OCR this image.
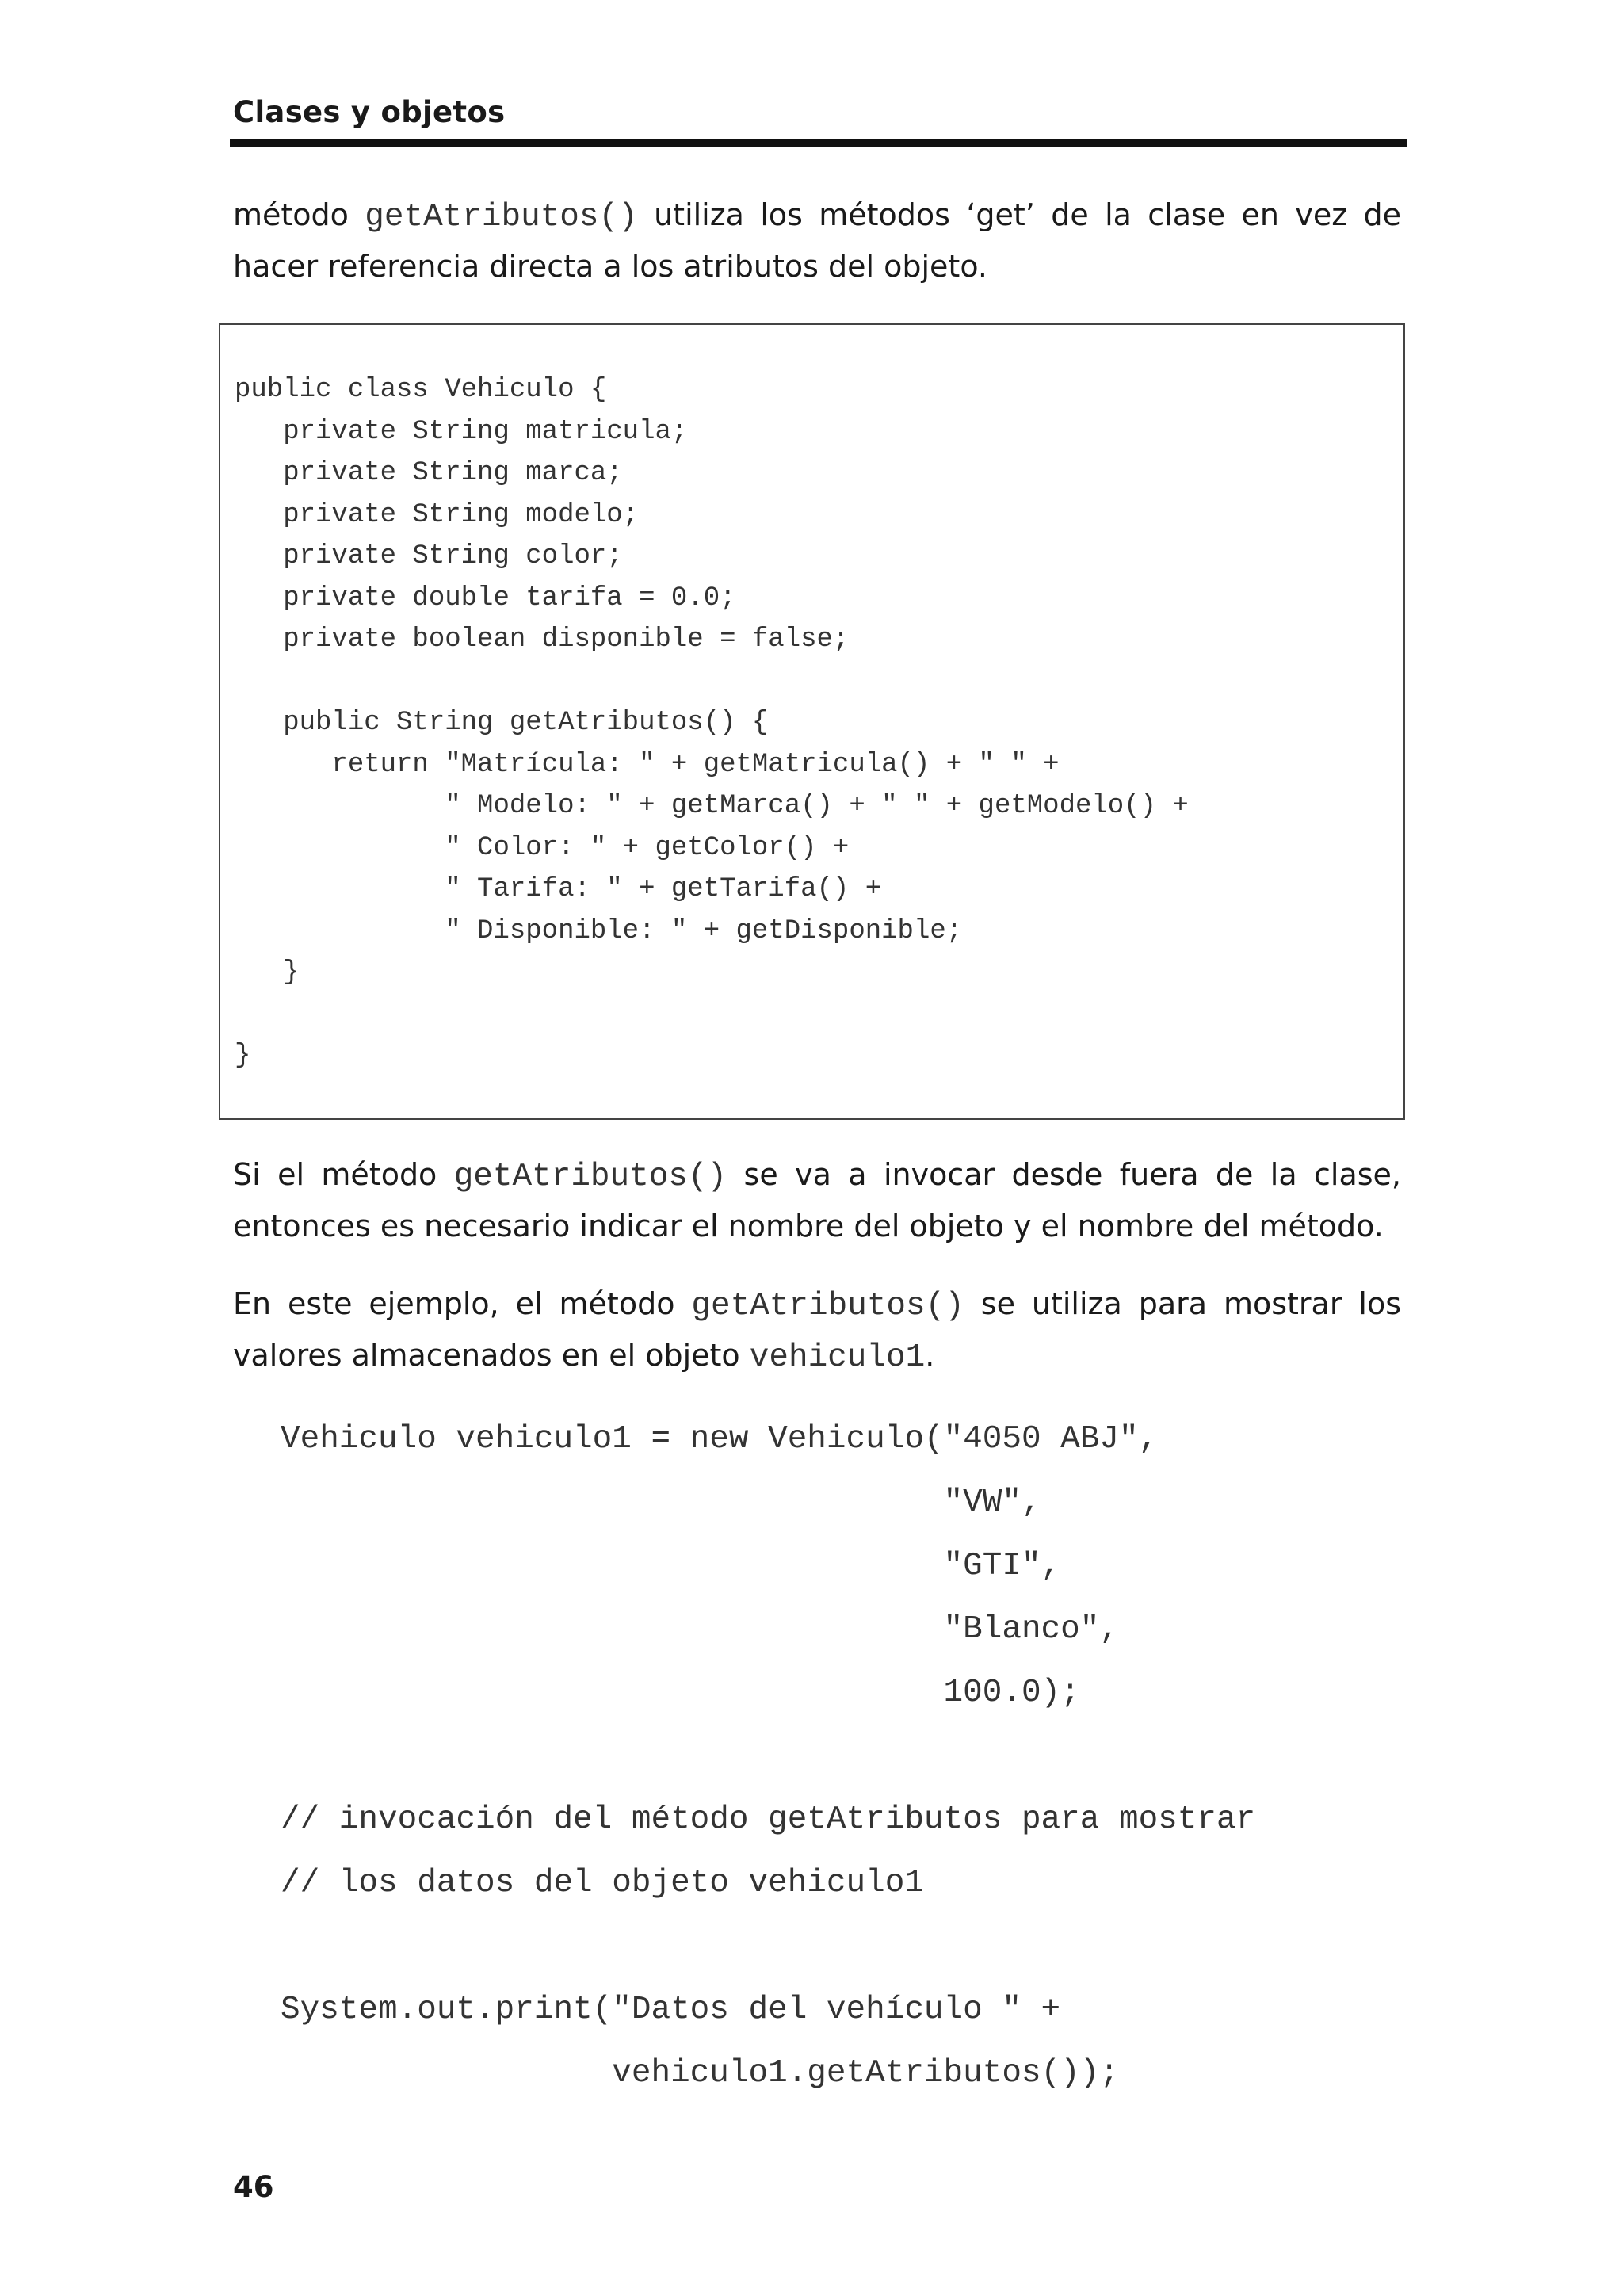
Clases y objetos

método getAtributos() utiliza los métodos ‘get’ de la clase en vez de hacer referencia directa a los atributos del objeto.

public class Vehiculo {
private String matricula;
private String marca;
private String modelo;
private String color;
private double tarifa = 0.0;
private boolean disponible = false;

public String getAtributos() {
return "Matrícula: " + getMatricula() + " " +
" Modelo: " + getMarca() + " " + getModelo() +
" Color: " + getColor() +
" Tarifa: " + getTarifa() +
" Disponible: " + getDisponible;
}

}

Si el método getAtributos() se va a invocar desde fuera de la clase, entonces es necesario indicar el nombre del objeto y el nombre del método.

En este ejemplo, el método getAtributos() se utiliza para mostrar los valores almacenados en el objeto vehiculo1.

Vehiculo vehiculo1 = new Vehiculo("4050 ABJ",
"VW",
"GTI",
"Blanco",
100.0);

// invocación del método getAtributos para mostrar
// los datos del objeto vehiculo1

System.out.print("Datos del vehículo " +
vehiculo1.getAtributos());
46
